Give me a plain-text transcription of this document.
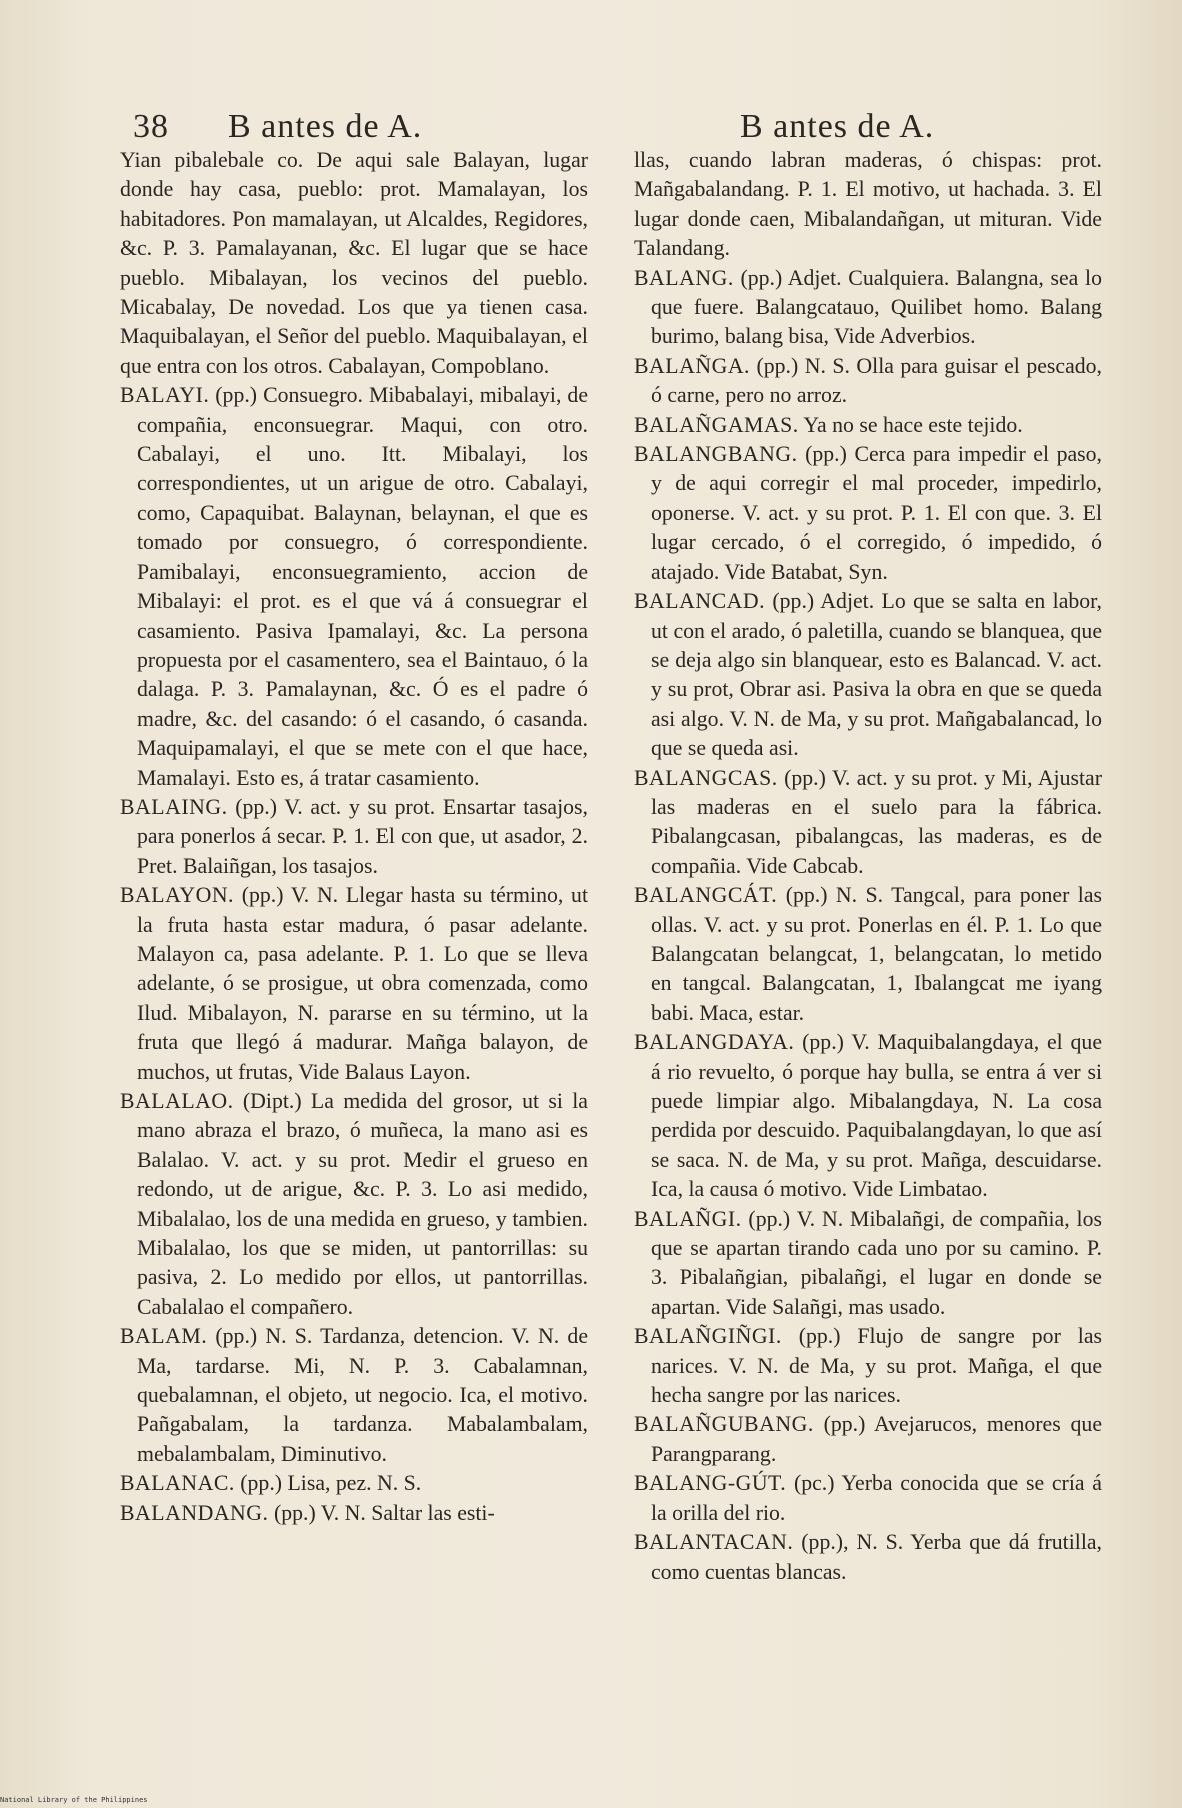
38 B antes de A.	B antes de A.

Yian pibalebale co. De aqui sale Balayan, lugar donde hay casa, pueblo: prot. Mamalayan, los habitadores. Pon mamalayan, ut Alcaldes, Regidores, &c. P. 3. Pamalayanan, &c. El lugar que se hace pueblo. Mibalayan, los vecinos del pueblo. Micabalay, De novedad. Los que ya tienen casa. Maquibalayan, el Señor del pueblo. Maquibalayan, el que entra con los otros. Cabalayan, Compoblano.

BALAYI. (pp.) Consuegro. Mibabalayi, mibalayi, de compañia, enconsuegrar. Maqui, con otro. Cabalayi, el uno. Itt. Mibalayi, los correspondientes, ut un arigue de otro. Cabalayi, como, Capaquibat. Balaynan, belaynan, el que es tomado por consuegro, ó correspondiente. Pamibalayi, enconsuegramiento, accion de Mibalayi: el prot. es el que vá á consuegrar el casamiento. Pasiva Ipamalayi, &c. La persona propuesta por el casamentero, sea el Baintauo, ó la dalaga. P. 3. Pamalaynan, &c. Ó es el padre ó madre, &c. del casando: ó el casando, ó casanda. Maquipamalayi, el que se mete con el que hace, Mamalayi. Esto es, á tratar casamiento.

BALAING. (pp.) V. act. y su prot. Ensartar tasajos, para ponerlos á secar. P. 1. El con que, ut asador, 2. Pret. Balaiñgan, los tasajos.

BALAYON. (pp.) V. N. Llegar hasta su término, ut la fruta hasta estar madura, ó pasar adelante. Malayon ca, pasa adelante. P. 1. Lo que se lleva adelante, ó se prosigue, ut obra comenzada, como Ilud. Mibalayon, N. pararse en su término, ut la fruta que llegó á madurar. Mañga balayon, de muchos, ut frutas, Vide Balaus Layon.

BALALAO. (Dipt.) La medida del grosor, ut si la mano abraza el brazo, ó muñeca, la mano asi es Balalao. V. act. y su prot. Medir el grueso en redondo, ut de arigue, &c. P. 3. Lo asi medido, Mibalalao, los de una medida en grueso, y tambien. Mibalalao, los que se miden, ut pantorrillas: su pasiva, 2. Lo medido por ellos, ut pantorrillas. Cabalalao el compañero.

BALAM. (pp.) N. S. Tardanza, detencion. V. N. de Ma, tardarse. Mi, N. P. 3. Cabalamnan, quebalamnan, el objeto, ut negocio. Ica, el motivo. Pañgabalam, la tardanza. Mabalambalam, mebalambalam, Diminutivo.

BALANAC. (pp.) Lisa, pez. N. S.

BALANDANG. (pp.) V. N. Saltar las esti-

llas, cuando labran maderas, ó chispas: prot. Mañgabalandang. P. 1. El motivo, ut hachada. 3. El lugar donde caen, Mibalandañgan, ut mituran. Vide Talandang.

BALANG. (pp.) Adjet. Cualquiera. Balangna, sea lo que fuere. Balangcatauo, Quilibet homo. Balang burimo, balang bisa, Vide Adverbios.

BALAÑGA. (pp.) N. S. Olla para guisar el pescado, ó carne, pero no arroz.

BALAÑGAMAS. Ya no se hace este tejido.

BALANGBANG. (pp.) Cerca para impedir el paso, y de aqui corregir el mal proceder, impedirlo, oponerse. V. act. y su prot. P. 1. El con que. 3. El lugar cercado, ó el corregido, ó impedido, ó atajado. Vide Batabat, Syn.

BALANCAD. (pp.) Adjet. Lo que se salta en labor, ut con el arado, ó paletilla, cuando se blanquea, que se deja algo sin blanquear, esto es Balancad. V. act. y su prot, Obrar asi. Pasiva la obra en que se queda asi algo. V. N. de Ma, y su prot. Mañgabalancad, lo que se queda asi.

BALANGCAS. (pp.) V. act. y su prot. y Mi, Ajustar las maderas en el suelo para la fábrica. Pibalangcasan, pibalangcas, las maderas, es de compañia. Vide Cabcab.

BALANGCÁT. (pp.) N. S. Tangcal, para poner las ollas. V. act. y su prot. Ponerlas en él. P. 1. Lo que Balangcatan belangcat, 1, belangcatan, lo metido en tangcal. Balangcatan, 1, Ibalangcat me iyang babi. Maca, estar.

BALANGDAYA. (pp.) V. Maquibalangdaya, el que á rio revuelto, ó porque hay bulla, se entra á ver si puede limpiar algo. Mibalangdaya, N. La cosa perdida por descuido. Paquibalangdayan, lo que así se saca. N. de Ma, y su prot. Mañga, descuidarse. Ica, la causa ó motivo. Vide Limbatao.

BALAÑGI. (pp.) V. N. Mibalañgi, de compañia, los que se apartan tirando cada uno por su camino. P. 3. Pibalañgian, pibalañgi, el lugar en donde se apartan. Vide Salañgi, mas usado.

BALAÑGIÑGI. (pp.) Flujo de sangre por las narices. V. N. de Ma, y su prot. Mañga, el que hecha sangre por las narices.

BALAÑGUBANG. (pp.) Avejarucos, menores que Parangparang.

BALANG-GÚT. (pc.) Yerba conocida que se cría á la orilla del rio.

BALANTACAN. (pp.), N. S. Yerba que dá frutilla, como cuentas blancas.

National Library of the Philippines
